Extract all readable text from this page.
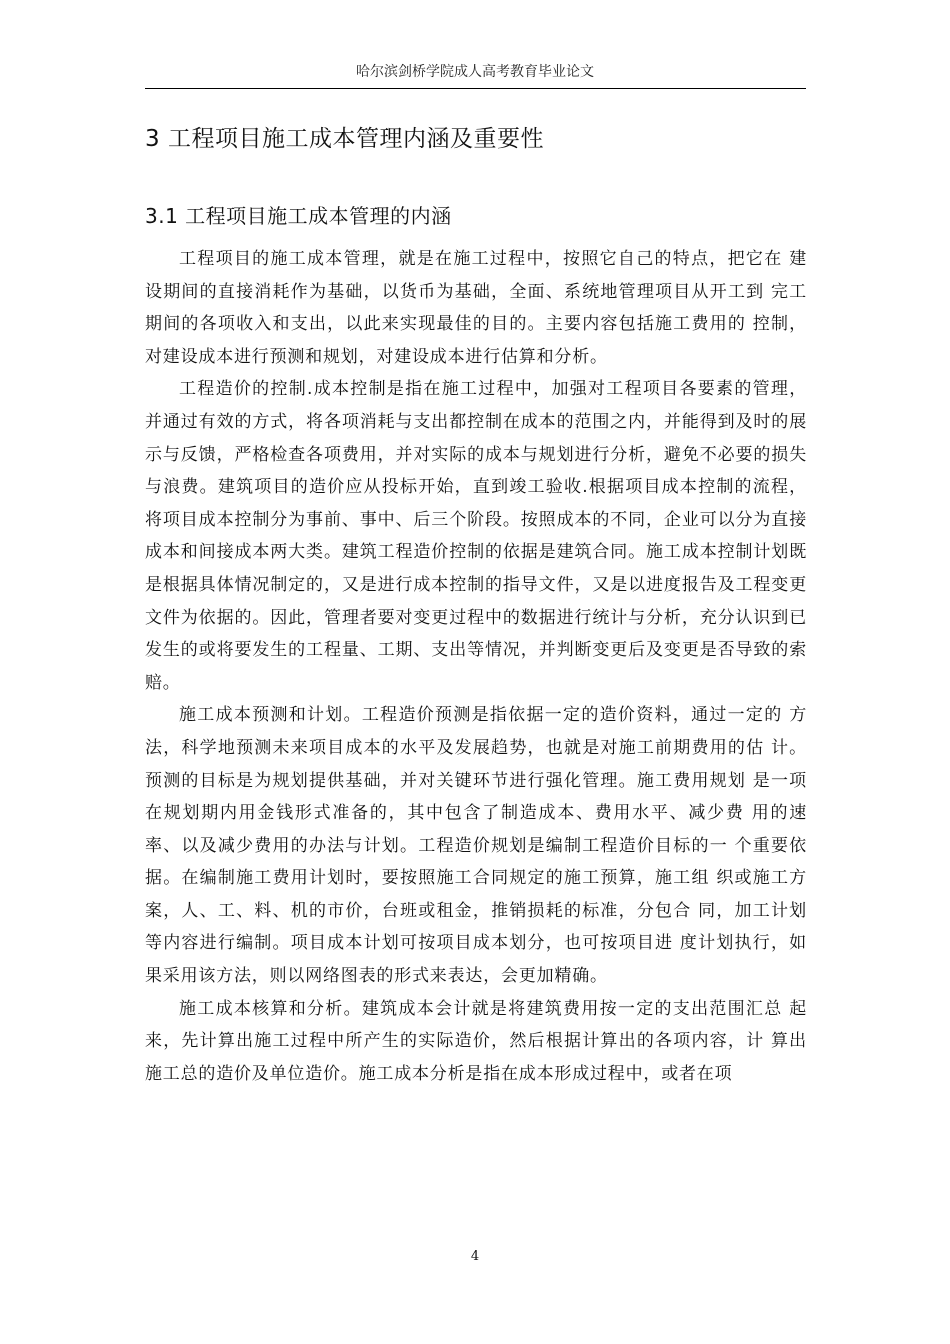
哈尔滨剑桥学院成人高考教育毕业论文
3 工程项目施工成本管理内涵及重要性
3.1 工程项目施工成本管理的内涵

工程项目的施工成本管理，就是在施工过程中，按照它自己的特点，把它在 建设期间的直接消耗作为基础，以货币为基础，全面、系统地管理项目从开工到 完工期间的各项收入和支出，以此来实现最佳的目的。主要内容包括施工费用的 控制，对建设成本进行预测和规划，对建设成本进行估算和分析。

工程造价的控制.成本控制是指在施工过程中，加强对工程项目各要素的管理，并通过有效的方式，将各项消耗与支出都控制在成本的范围之内，并能得到及时的展示与反馈，严格检查各项费用，并对实际的成本与规划进行分析，避免不必要的损失与浪费。建筑项目的造价应从投标开始，直到竣工验收.根据项目成本控制的流程，将项目成本控制分为事前、事中、后三个阶段。按照成本的不同，企业可以分为直接成本和间接成本两大类。建筑工程造价控制的依据是建筑合同。施工成本控制计划既是根据具体情况制定的，又是进行成本控制的指导文件，又是以进度报告及工程变更文件为依据的。因此，管理者要对变更过程中的数据进行统计与分析，充分认识到已发生的或将要发生的工程量、工期、支出等情况，并判断变更后及变更是否导致的索赔。

施工成本预测和计划。工程造价预测是指依据一定的造价资料，通过一定的 方法，科学地预测未来项目成本的水平及发展趋势，也就是对施工前期费用的估 计。预测的目标是为规划提供基础，并对关键环节进行强化管理。施工费用规划 是一项在规划期内用金钱形式准备的，其中包含了制造成本、费用水平、减少费 用的速率、以及减少费用的办法与计划。工程造价规划是编制工程造价目标的一 个重要依据。在编制施工费用计划时，要按照施工合同规定的施工预算，施工组 织或施工方案，人、工、料、机的市价，台班或租金，推销损耗的标准，分包合 同，加工计划等内容进行编制。项目成本计划可按项目成本划分，也可按项目进 度计划执行，如果采用该方法，则以网络图表的形式来表达，会更加精确。

施工成本核算和分析。建筑成本会计就是将建筑费用按一定的支出范围汇总 起来，先计算出施工过程中所产生的实际造价，然后根据计算出的各项内容，计 算出施工总的造价及单位造价。施工成本分析是指在成本形成过程中，或者在项

4
